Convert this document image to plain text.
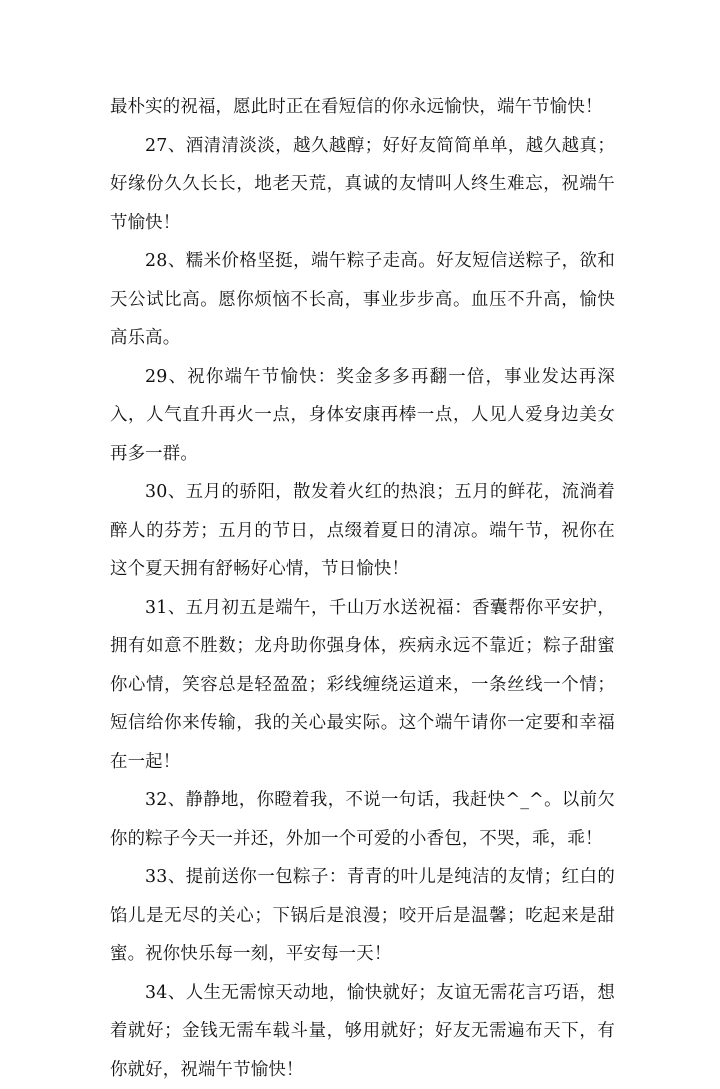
最朴实的祝福，愿此时正在看短信的你永远愉快，端午节愉快！

27、酒清清淡淡，越久越醇；好好友简简单单，越久越真；好缘份久久长长，地老天荒，真诚的友情叫人终生难忘，祝端午节愉快！

28、糯米价格坚挺，端午粽子走高。好友短信送粽子，欲和天公试比高。愿你烦恼不长高，事业步步高。血压不升高，愉快高乐高。

29、祝你端午节愉快：奖金多多再翻一倍，事业发达再深入，人气直升再火一点，身体安康再棒一点，人见人爱身边美女再多一群。

30、五月的骄阳，散发着火红的热浪；五月的鲜花，流淌着醉人的芬芳；五月的节日，点缀着夏日的清凉。端午节，祝你在这个夏天拥有舒畅好心情，节日愉快！

31、五月初五是端午，千山万水送祝福：香囊帮你平安护，拥有如意不胜数；龙舟助你强身体，疾病永远不靠近；粽子甜蜜你心情，笑容总是轻盈盈；彩线缠绕运道来，一条丝线一个情；短信给你来传输，我的关心最实际。这个端午请你一定要和幸福在一起！

32、静静地，你瞪着我，不说一句话，我赶快^_^。以前欠你的粽子今天一并还，外加一个可爱的小香包，不哭，乖，乖！

33、提前送你一包粽子：青青的叶儿是纯洁的友情；红白的馅儿是无尽的关心；下锅后是浪漫；咬开后是温馨；吃起来是甜蜜。祝你快乐每一刻，平安每一天！

34、人生无需惊天动地，愉快就好；友谊无需花言巧语，想着就好；金钱无需车载斗量，够用就好；好友无需遍布天下，有你就好，祝端午节愉快！
